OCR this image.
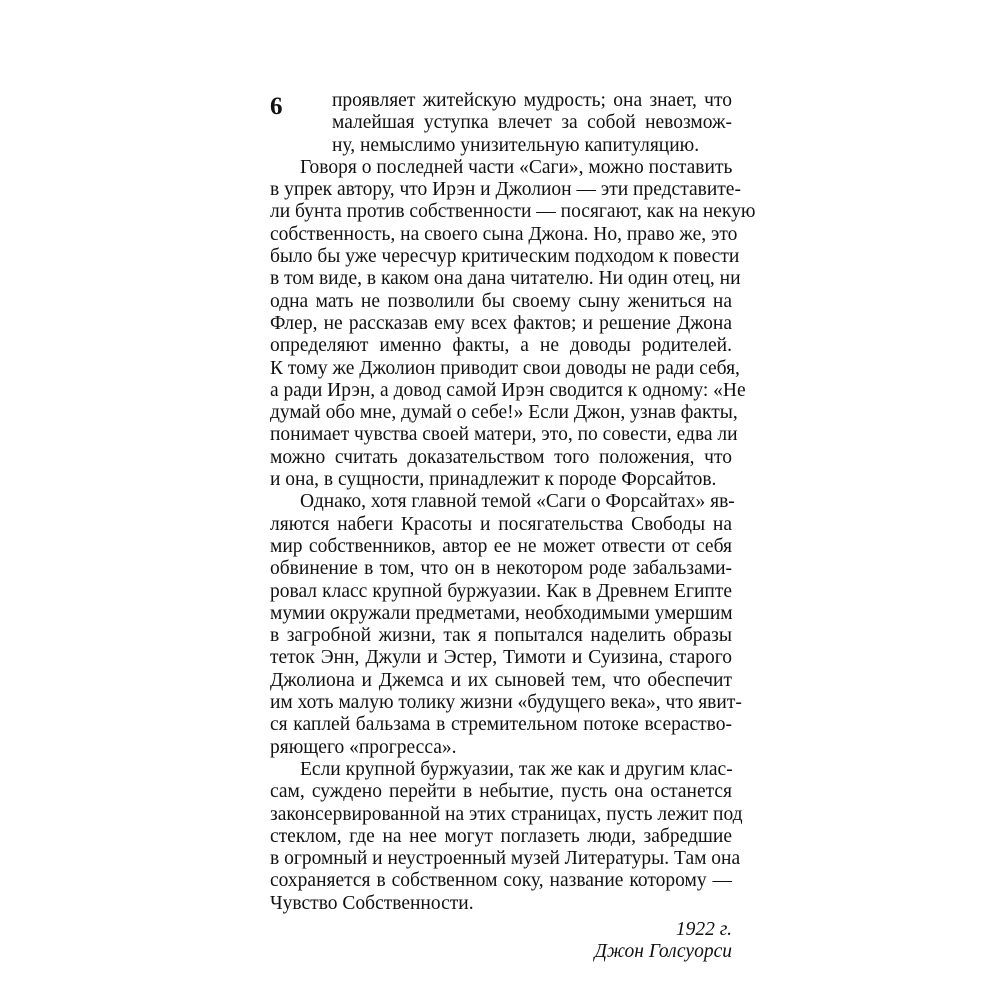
6	проявляет житейскую мудрость; она знает, что
малейшая уступка влечет за собой невозмож-
ну, немыслимо унизительную капитуляцию.
Говоря о последней части «Саги», можно поставить
в упрек автору, что Ирэн и Джолион — эти представите-
ли бунта против собственности — посягают, как на некую
собственность, на своего сына Джона. Но, право же, это
было бы уже чересчур критическим подходом к повести
в том виде, в каком она дана читателю. Ни один отец, ни
одна мать не позволили бы своему сыну жениться на
Флер, не рассказав ему всех фактов; и решение Джона
определяют именно факты, а не доводы родителей.
К тому же Джолион приводит свои доводы не ради себя,
а ради Ирэн, а довод самой Ирэн сводится к одному: «Не
думай обо мне, думай о себе!» Если Джон, узнав факты,
понимает чувства своей матери, это, по совести, едва ли
можно считать доказательством того положения, что
и она, в сущности, принадлежит к породе Форсайтов.
Однако, хотя главной темой «Саги о Форсайтах» яв-
ляются набеги Красоты и посягательства Свободы на
мир собственников, автор ее не может отвести от себя
обвинение в том, что он в некотором роде забальзами-
ровал класс крупной буржуазии. Как в Древнем Египте
мумии окружали предметами, необходимыми умершим
в загробной жизни, так я попытался наделить образы
теток Энн, Джули и Эстер, Тимоти и Суизина, старого
Джолиона и Джемса и их сыновей тем, что обеспечит
им хоть малую толику жизни «будущего века», что явит-
ся каплей бальзама в стремительном потоке всераство-
ряющего «прогресса».
Если крупной буржуазии, так же как и другим клас-
сам, суждено перейти в небытие, пусть она останется
законсервированной на этих страницах, пусть лежит под
стеклом, где на нее могут поглазеть люди, забредшие
в огромный и неустроенный музей Литературы. Там она
сохраняется в собственном соку, название которому —
Чувство Собственности.
1922 г.
Джон Голсуорси
